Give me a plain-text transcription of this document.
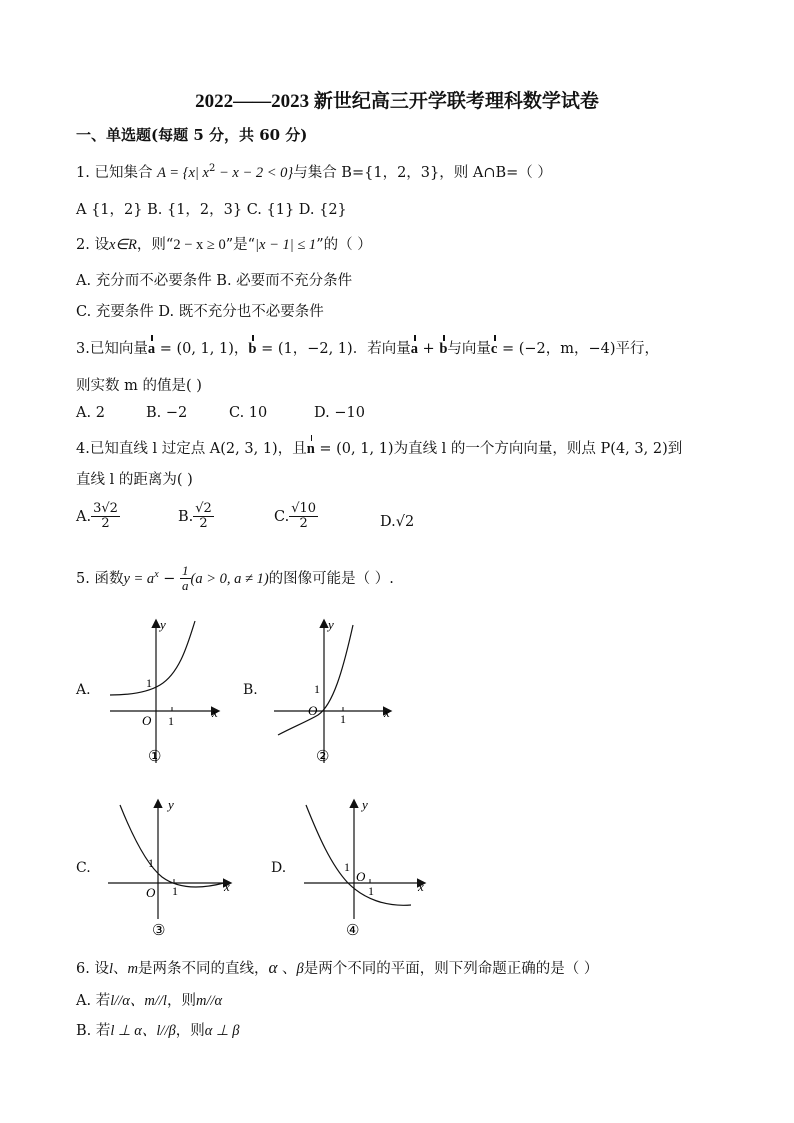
2022——2023 新世纪高三开学联考理科数学试卷
一、单选题(每题 5 分，共 60 分)
1. 已知集合 A = {x| $x^2 - x - 2 < 0$}与集合 B={1，2，3}，则 A∩B=（ ）
A {1，2} B. {1，2，3} C. {1} D. {2}
2. 设x∈R，则“2 − x ≥ 0”是“|x − 1| ≤ 1”的（ ）
A. 充分而不必要条件 B. 必要而不充分条件
C. 充要条件 D. 既不充分也不必要条件
3.已知向量a = (0, 1, 1)，b = (1，−2, 1)．若向量a + b与向量c = (−2，m，−4)平行，
则实数 m 的值是( )
A. 2	B. −2	C. 10	D. −10
4.已知直线 l 过定点 A(2, 3, 1)，且n = (0, 1, 1)为直线 l 的一个方向向量，则点 P(4, 3, 2)到
直线 l 的距离为( )
A. $\frac{3√2}{2}$	B. $\frac{√2}{2}$	C. $\frac{√10}{2}$	D.√2
5. 函数$y = a^x - \frac{1}{a} (a > 0$, a ≠ 1)的图像可能是（ ）.
A.	B.
C.	D.
y
x
O 1
1
①
y
x
O
1
1
②
y
x
O 1
1
③
y
x
O
1
1
④
6. 设l、m是两条不同的直线，α 、β是两个不同的平面，则下列命题正确的是（ ）
A. 若l//α、m//l，则m//α
B. 若l ⊥ α、l//β，则α ⊥ β
